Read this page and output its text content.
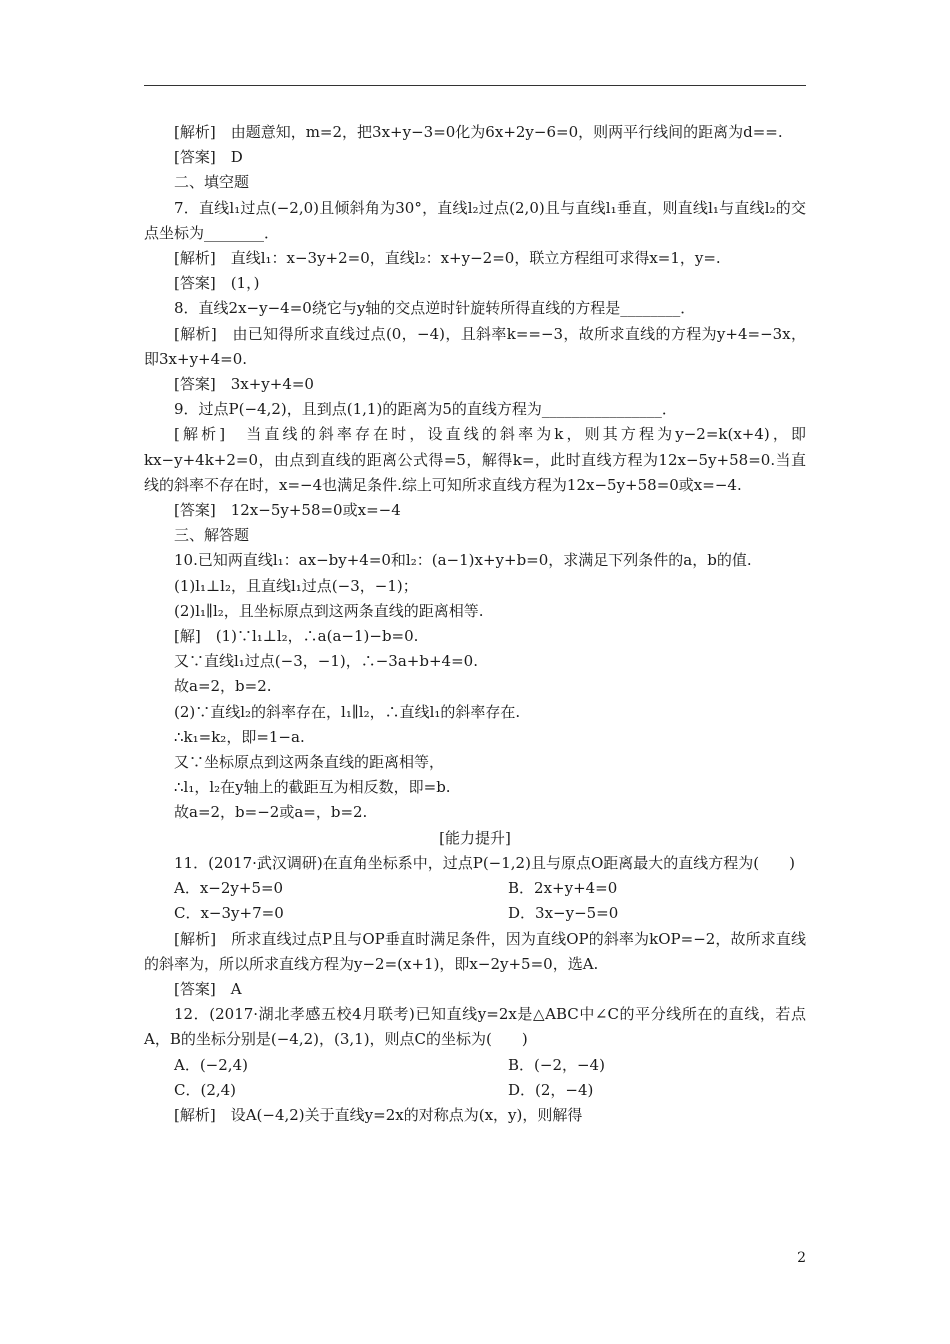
[解析]　由题意知，m=2，把3x+y−3=0化为6x+2y−6=0，则两平行线间的距离为d==.

[答案]　D

二、填空题

7．直线l₁过点(−2,0)且倾斜角为30°，直线l₂过点(2,0)且与直线l₁垂直，则直线l₁与直线l₂的交点坐标为________．

[解析]　直线l₁：x−3y+2=0，直线l₂：x+y−2=0，联立方程组可求得x=1，y=.

[答案]　(1，)

8．直线2x−y−4=0绕它与y轴的交点逆时针旋转所得直线的方程是________．

[解析]　由已知得所求直线过点(0，−4)，且斜率k==−3，故所求直线的方程为y+4=−3x，即3x+y+4=0.

[答案]　3x+y+4=0

9．过点P(−4,2)，且到点(1,1)的距离为5的直线方程为________________．

[解析]　当直线的斜率存在时，设直线的斜率为k，则其方程为y−2=k(x+4)，即kx−y+4k+2=0，由点到直线的距离公式得=5，解得k=，此时直线方程为12x−5y+58=0.当直线的斜率不存在时，x=−4也满足条件.综上可知所求直线方程为12x−5y+58=0或x=−4.

[答案]　12x−5y+58=0或x=−4

三、解答题

10.已知两直线l₁：ax−by+4=0和l₂：(a−1)x+y+b=0，求满足下列条件的a，b的值.

(1)l₁⊥l₂，且直线l₁过点(−3，−1)；

(2)l₁∥l₂，且坐标原点到这两条直线的距离相等.

[解]　(1)∵l₁⊥l₂，∴a(a−1)−b=0.

又∵直线l₁过点(−3，−1)，∴−3a+b+4=0.

故a=2，b=2.

(2)∵直线l₂的斜率存在，l₁∥l₂，∴直线l₁的斜率存在.

∴k₁=k₂，即=1−a.

又∵坐标原点到这两条直线的距离相等，

∴l₁，l₂在y轴上的截距互为相反数，即=b.

故a=2，b=−2或a=，b=2.

[能力提升]

11．(2017·武汉调研)在直角坐标系中，过点P(−1,2)且与原点O距离最大的直线方程为(　　)

A．x−2y+5=0	B．2x+y+4=0
C．x−3y+7=0	D．3x−y−5=0

[解析]　所求直线过点P且与OP垂直时满足条件，因为直线OP的斜率为kOP=−2，故所求直线的斜率为，所以所求直线方程为y−2=(x+1)，即x−2y+5=0，选A.

[答案]　A

12．(2017·湖北孝感五校4月联考)已知直线y=2x是△ABC中∠C的平分线所在的直线，若点A，B的坐标分别是(−4,2)，(3,1)，则点C的坐标为(　　)

A．(−2,4)	B．(−2，−4)
C．(2,4)	D．(2，−4)

[解析]　设A(−4,2)关于直线y=2x的对称点为(x，y)，则解得

2
